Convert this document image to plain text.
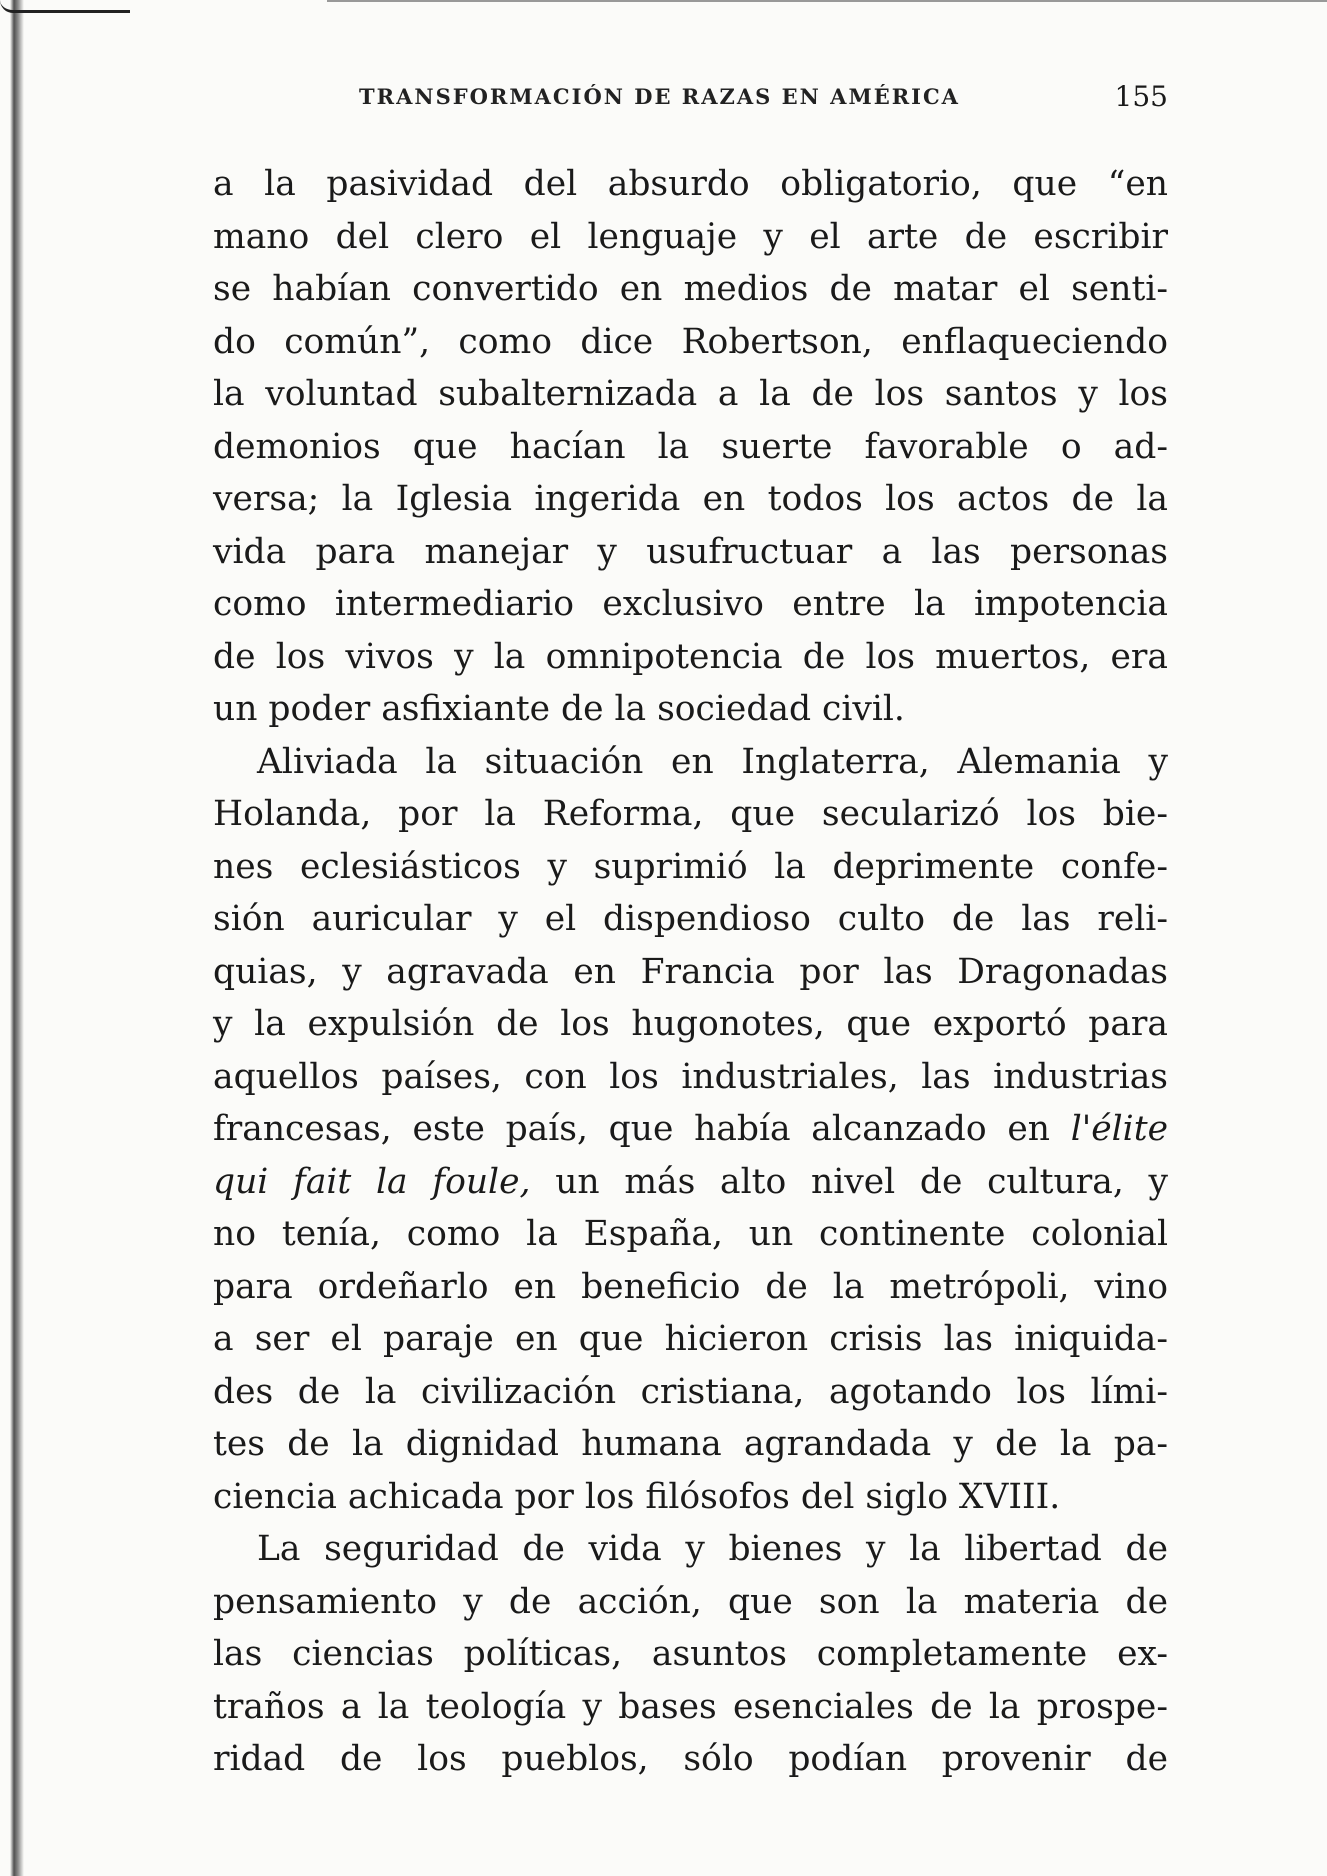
TRANSFORMACIÓN DE RAZAS EN AMÉRICA	155
a la pasividad del absurdo obligatorio, que “en
mano del clero el lenguaje y el arte de escribir
se habían convertido en medios de matar el senti-
do común”, como dice Robertson, enflaqueciendo
la voluntad subalternizada a la de los santos y los
demonios que hacían la suerte favorable o ad-
versa; la Iglesia ingerida en todos los actos de la
vida para manejar y usufructuar a las personas
como intermediario exclusivo entre la impotencia
de los vivos y la omnipotencia de los muertos, era
un poder asfixiante de la sociedad civil.
Aliviada la situación en Inglaterra, Alemania y
Holanda, por la Reforma, que secularizó los bie-
nes eclesiásticos y suprimió la deprimente confe-
sión auricular y el dispendioso culto de las reli-
quias, y agravada en Francia por las Dragonadas
y la expulsión de los hugonotes, que exportó para
aquellos países, con los industriales, las industrias
francesas, este país, que había alcanzado en l'élite
qui fait la foule, un más alto nivel de cultura, y
no tenía, como la España, un continente colonial
para ordeñarlo en beneficio de la metrópoli, vino
a ser el paraje en que hicieron crisis las iniquida-
des de la civilización cristiana, agotando los lími-
tes de la dignidad humana agrandada y de la pa-
ciencia achicada por los filósofos del siglo XVIII.
La seguridad de vida y bienes y la libertad de
pensamiento y de acción, que son la materia de
las ciencias políticas, asuntos completamente ex-
traños a la teología y bases esenciales de la prospe-
ridad de los pueblos, sólo podían provenir de
